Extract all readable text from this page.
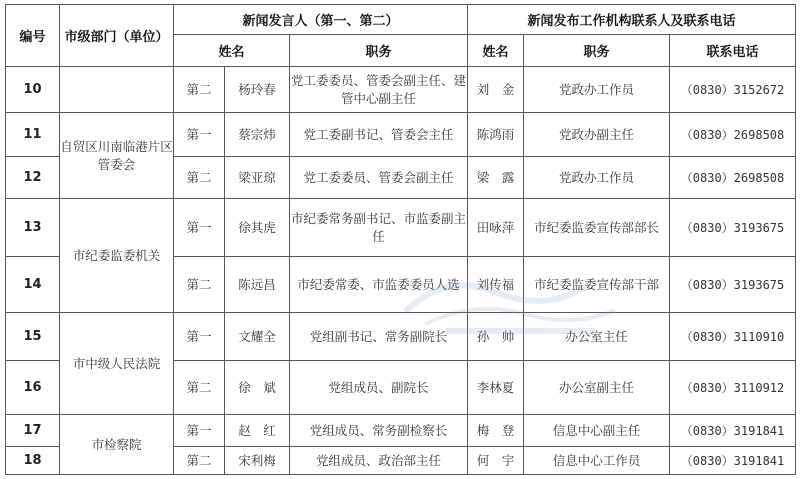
编号	市级部门（单位）	新闻发言人（第一、第二）			新闻发布工作机构联系人及联系电话		
		姓名		职务	姓名	职务	联系电话
10		第二	杨玲春	党工委委员、管委会副主任、建管中心副主任	刘　金	党政办工作员	（0830）3152672
11	自贸区川南临港片区管委会	第一	蔡宗炜	党工委副书记、管委会主任	陈鸿雨	党政办副主任	（0830）2698508
12		第二	梁亚琼	党工委委员、管委会副主任	梁　露	党政办工作员	（0830）2698508
13	市纪委监委机关	第一	徐其虎	市纪委常务副书记、市监委副主任	田咏萍	市纪委监委宣传部部长	（0830）3193675
14		第二	陈远昌	市纪委常委、市监委委员人选	刘传福	市纪委监委宣传部干部	（0830）3193675
15	市中级人民法院	第一	文耀全	党组副书记、常务副院长	孙　帅	办公室主任	（0830）3110910
16		第二	徐　斌	党组成员、副院长	李林夏	办公室副主任	（0830）3110912
17	市检察院	第一	赵　红	党组成员、常务副检察长	梅　登	信息中心副主任	（0830）3191841
18		第二	宋利梅	党组成员、政治部主任	何　宇	信息中心工作员	（0830）3191841
